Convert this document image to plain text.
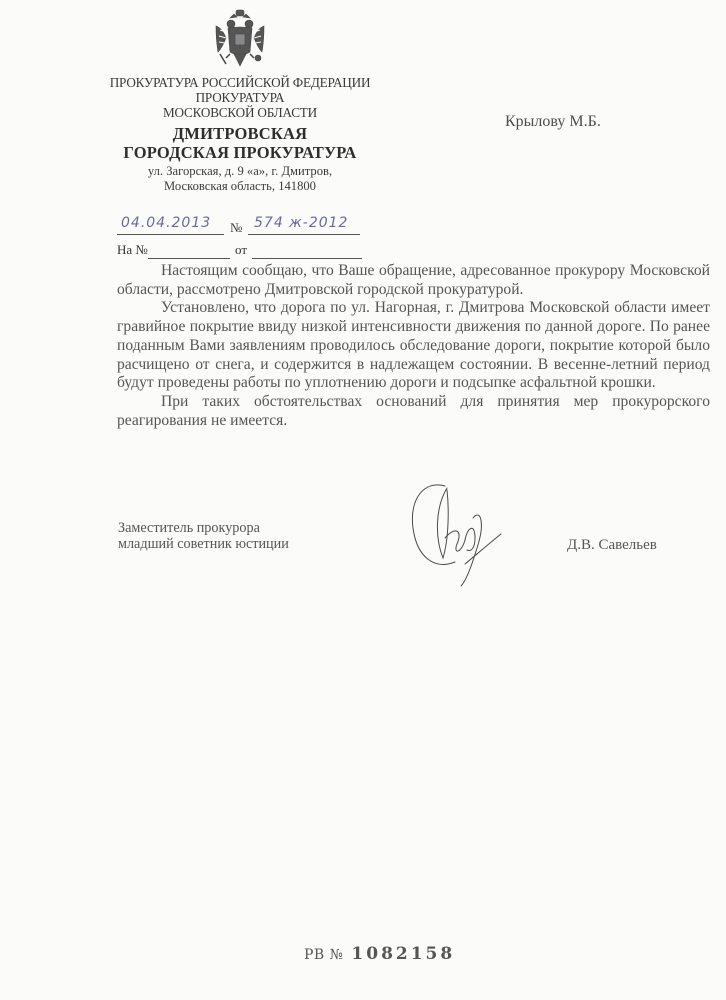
ПРОКУРАТУРА РОССИЙСКОЙ ФЕДЕРАЦИИ
ПРОКУРАТУРА
МОСКОВСКОЙ ОБЛАСТИ
ДМИТРОВСКАЯ
ГОРОДСКАЯ ПРОКУРАТУРА
ул. Загорская, д. 9 «а», г. Дмитров,
Московская область, 141800
Крылову М.Б.
04.04.2013	№ 574 ж-2012
На №	от

Настоящим сообщаю, что Ваше обращение, адресованное прокурору Московской области, рассмотрено Дмитровской городской прокуратурой.

Установлено, что дорога по ул. Нагорная, г. Дмитрова Московской области имеет гравийное покрытие ввиду низкой интенсивности движения по данной дороге. По ранее поданным Вами заявлениям проводилось обследование дороги, покрытие которой было расчищено от снега, и содержится в надлежащем состоянии. В весенне-летний период будут проведены работы по уплотнению дороги и подсыпке асфальтной крошки.

При таких обстоятельствах оснований для принятия мер прокурорского реагирования не имеется.

Заместитель прокурора
младший советник юстиции	Д.В. Савельев
РВ № 1082158
